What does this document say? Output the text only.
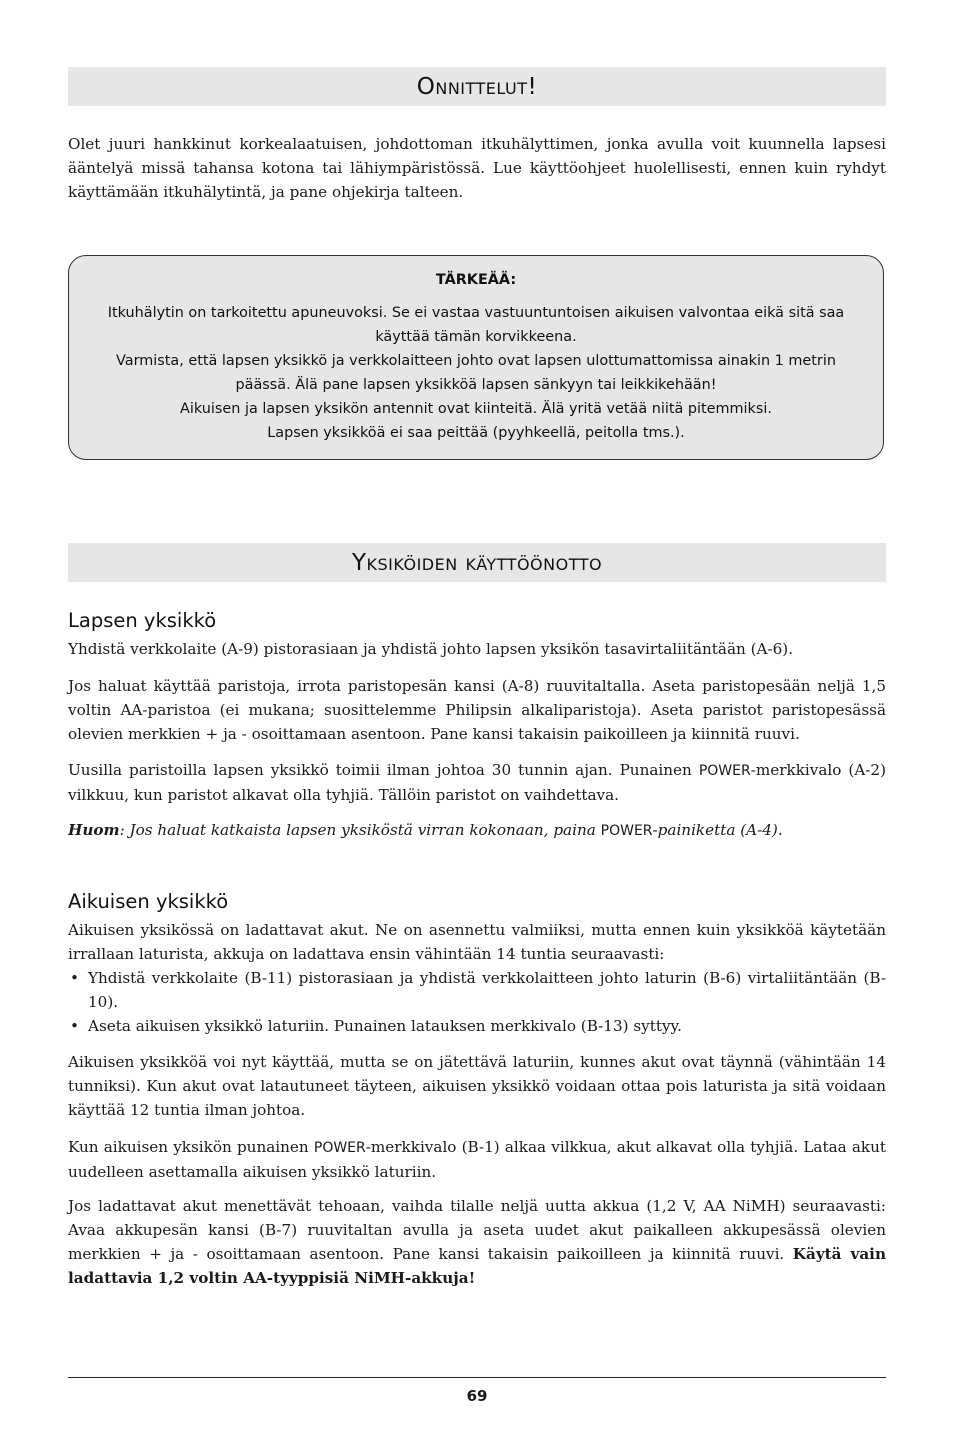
Onnittelut!

Olet juuri hankkinut korkealaatuisen, johdottoman itkuhälyttimen, jonka avulla voit kuunnella lapsesi ääntelyä missä tahansa kotona tai lähiympäristössä. Lue käyttöohjeet huolellisesti, ennen kuin ryhdyt käyttämään itkuhälytintä, ja pane ohjekirja talteen.

TÄRKEÄÄ:

Itkuhälytin on tarkoitettu apuneuvoksi. Se ei vastaa vastuuntuntoisen aikuisen valvontaa eikä sitä saa käyttää tämän korvikkeena.

Varmista, että lapsen yksikkö ja verkkolaitteen johto ovat lapsen ulottumattomissa ainakin 1 metrin päässä. Älä pane lapsen yksikköä lapsen sänkyyn tai leikkikehään!

Aikuisen ja lapsen yksikön antennit ovat kiinteitä. Älä yritä vetää niitä pitemmiksi.

Lapsen yksikköä ei saa peittää (pyyhkeellä, peitolla tms.).

Yksiköiden käyttöönotto
Lapsen yksikkö

Yhdistä verkkolaite (A-9) pistorasiaan ja yhdistä johto lapsen yksikön tasavirtaliitäntään (A-6).

Jos haluat käyttää paristoja, irrota paristopesän kansi (A-8) ruuvitaltalla. Aseta paristopesään neljä 1,5 voltin AA-paristoa (ei mukana; suosittelemme Philipsin alkaliparistoja). Aseta paristot paristopesässä olevien merkkien + ja - osoittamaan asentoon. Pane kansi takaisin paikoilleen ja kiinnitä ruuvi.

Uusilla paristoilla lapsen yksikkö toimii ilman johtoa 30 tunnin ajan. Punainen POWER-merkkivalo (A-2) vilkkuu, kun paristot alkavat olla tyhjiä. Tällöin paristot on vaihdettava.

Huom: Jos haluat katkaista lapsen yksiköstä virran kokonaan, paina POWER-painiketta (A-4).

Aikuisen yksikkö

Aikuisen yksikössä on ladattavat akut. Ne on asennettu valmiiksi, mutta ennen kuin yksikköä käytetään irrallaan laturista, akkuja on ladattava ensin vähintään 14 tuntia seuraavasti:

• Yhdistä verkkolaite (B-11) pistorasiaan ja yhdistä verkkolaitteen johto laturin (B-6) virtaliitäntään (B-10).
• Aseta aikuisen yksikkö laturiin. Punainen latauksen merkkivalo (B-13) syttyy.

Aikuisen yksikköä voi nyt käyttää, mutta se on jätettävä laturiin, kunnes akut ovat täynnä (vähintään 14 tunniksi). Kun akut ovat latautuneet täyteen, aikuisen yksikkö voidaan ottaa pois laturista ja sitä voidaan käyttää 12 tuntia ilman johtoa.

Kun aikuisen yksikön punainen POWER-merkkivalo (B-1) alkaa vilkkua, akut alkavat olla tyhjiä. Lataa akut uudelleen asettamalla aikuisen yksikkö laturiin.

Jos ladattavat akut menettävät tehoaan, vaihda tilalle neljä uutta akkua (1,2 V, AA NiMH) seuraavasti: Avaa akkupesän kansi (B-7) ruuvitaltan avulla ja aseta uudet akut paikalleen akkupesässä olevien merkkien + ja - osoittamaan asentoon. Pane kansi takaisin paikoilleen ja kiinnitä ruuvi. Käytä vain ladattavia 1,2 voltin AA-tyyppisiä NiMH-akkuja!

69
